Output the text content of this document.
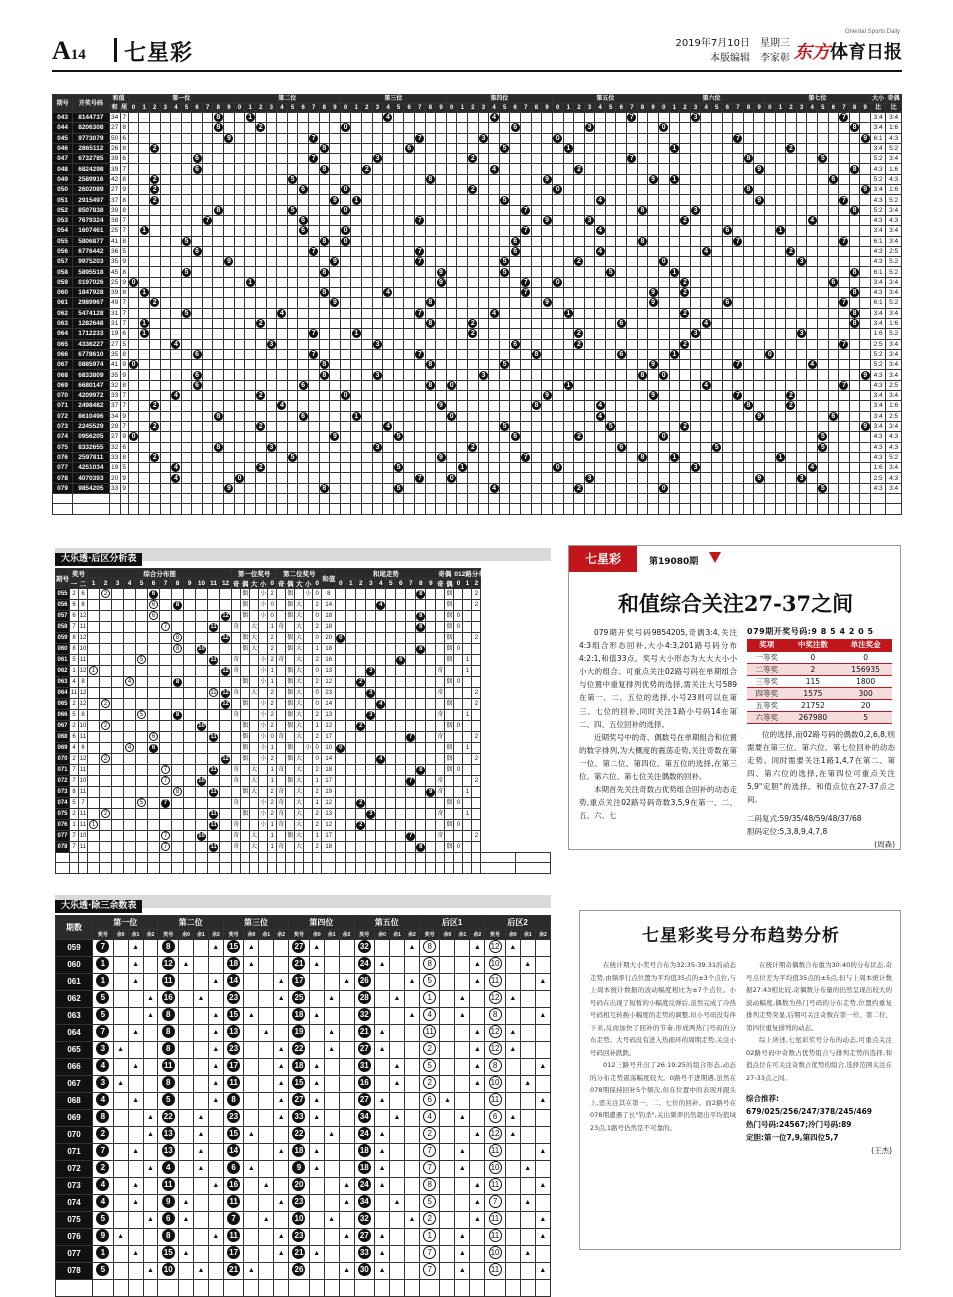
A14 七星彩	2019年7月10日　星期三
本版编辑　李家彰
Oriental Sports Daily
东方体育日报
期号	开奖号码	和值	第一位	第二位	第三位	第四位	第五位	第六位	第七位	大小	奇偶
和	尾	0	1	2	3	4	5	6	7	8	9	0	1	2	3	4	5	6	7	8	9	0	1	2	3	4	5	6	7	8	9	0	1	2	3	4	5	6	7	8	9	0	1	2	3	4	5	6	7	8	9	0	1	2	3	4	5	6	7	8	9	0	1	2	3	4	5	6	7	8	9	比	比
043	8144737	34	7									8			1													4										4													7						3														7			3:4	3:4
044	8206308	27	8									8				2								0																6							3							0																		8		3:4	1:6
045	9773079	50	6										9								7										7						3							0																	7												9	6:1	4:3
046	2865112	26	8			2																8								6									5						1										1											2								3:4	5:2
047	6732785	39	6							6											7						3									2															7											8							5					5:2	3:4
048	6824298	39	7							6												8				2												4								2																	9									8		4:3	1:6
049	2589916	42	8			2													5													8											9										9		1															6				5:2	4:3
050	2602089	27	9			2														6				0												2								0																		8											9	3:4	1:6
051	2915497	37	8			2																	9		1														5									4															9								7			4:3	5:2
052	8507838	39	8									8							5					0																	7											8					3															8		5:2	3:4
053	7679324	38	7								7									6											7												9				3									2												4						4:3	4:3
054	1607461	25	7		1															6				0																	7							4												6					1									3:4	3:4
055	5806877	41	8						5													8		0																6												8									7										7			6:1	3:4
056	6776442	36	5							6											7										7									6								4										4								2								4:3	2:5
057	9975203	35	9										9										9								7								5							2								0													3							4:3	5:2
058	5895518	45	8						5													8											9						5										5						1																	8		6:1	5:2
059	0197026	25	9	0											1																		9								7			0												2														6				3:4	3:4
060	1847928	39	8		1																	8						4													7												9			2																8		4:3	3:4
061	2989967	49	7			2																	9									8											9										9							6											7			6:1	5:2
062	5474128	31	7						5									4													7							4							1											2																8		3:4	3:4
063	1282648	31	7		1											2																8				2														6								4														8		3:4	1:6
064	1712233	19	6		1																7				1											2										2											3										3							1:6	5:2
065	4336227	27	5					4									3										3													6						2										2															7			2:5	3:4
066	6778610	35	8							6											7										7											8								6					1									0										5:2	3:4
067	0885974	41	9	0																		8										8							5														9								7							4						5:2	3:4
068	6833809	35	9							6												8					3										3															8		0																			9	4:3	3:4
069	6680147	32	8							6										6												8		0											1													4													7			4:3	2:5
070	4209972	33	7					4								2								0																			9										9								7					2								3:4	3:4
071	2498482	37	7			2												4															9									8						4														8				2								3:4	1:6
072	8610496	34	9									8								6					1									0														4															9							6				3:4	2:5
073	2245529	29	7			2										2												4											5										5							2																	9	3:4	3:4
074	0956205	27	9	0																			9						5											6						2								0															5					4:3	4:3
075	8332655	32	6									8					3										3									2														6									5										5					4:3	4:3
076	2597811	33	8			2													5														9								7											8			1										1									4:3	5:2
077	4251034	19	5					4								2													5						1									0													3											4						1:6	3:4
078	4070393	20	9					4						0																	7			0													3																9				3							2:5	4:3
079	9854205	33	9										9									8							5									4								2								0															5					4:3	3:4

大乐透·后区分析表
期号	奖号		综合分布图												第一位奖号					第二位奖号					和值	和尾走势										奇偶		012路分布				
	一	二	1	2	3	4	5	6	7	8	9	10	11	12	奇	偶	大	小	0	奇	偶	大	小	0		0	1	2	3	4	5	6	7	8	9	奇	偶	0	1	2		
055	2	6		2				6								偶		小	2		偶		小	0	8									8			偶			2		
056	6	8						6		8						偶		小	0		偶	大		2	14					4							偶			2		
057	6	12						6						12		偶		小	0		偶	大		0	18									8			偶	0				
058	7	11							7				11		奇		大		1	奇		大		2	18									8			偶	0				
059	8	12								8				12		偶	大		2		偶	大		0	20	0											偶			2		
060	8	10								8		10				偶	大		2		偶	大		1	18									8			偶	0				
061	5	11					5						11		奇			小	2	奇		大		2	16							6					偶		1			
062	1	12	1											12	奇			小	1		偶	大		0	13				3							奇			1			
063	4	8				4				8						偶		小	1		偶	大		2	12			2									偶	0				
064	11	12											11	12	奇		大		2		偶	大		0	23				3							奇				2		
065	2	12		2										12		偶		小	2		偶	大		0	14					4							偶			2		
066	5	8					5			8					奇			小	2		偶	大		2	13				3							奇			1			
067	2	10		2								10				偶		小	2		偶	大		1	12			2									偶	0				
068	6	11						6					11			偶		小	0	奇		大		2	17								7			奇				2		
069	4	6				4		6								偶		小	1		偶		小	0	10	0											偶		1			
070	2	12		2										12		偶		小	2		偶	大		0	14					4							偶			2		
071	7	11							7				11		奇		大		1	奇		大		2	18									8			偶	0				
072	7	10							7			10			奇		大		1		偶	大		1	17								7			奇				2		
073	8	11								8			11			偶	大		2	奇		大		2	19										9	奇			1			
074	5	7					5		7						奇			小	2	奇		大		1	12			2									偶	0				
075	2	11		2									11			偶		小	2	奇		大		2	13				3							奇			1			
076	1	11	1										11		奇			小	1	奇		大		2	12			2									偶	0				
077	7	10							7			10			奇		大		1		偶	大		1	17								7			奇				2		
078	7	11							7				11		奇		大		1	奇		大		2	18									8			偶	0				

大乐透·除三余数表
期数	第一位				第二位				第三位				第四位				第五位				后区1				后区2			
	奖号	余0	余1	余2	奖号	余0	余1	余2	奖号	余0	余1	余2	奖号	余0	余1	余2	奖号	余0	余1	余2	奖号	余0	余1	余2	奖号	余0	余1	余2
059	7		▲		8			▲	15	▲			27	▲			32			▲	8			▲	12	▲		
060	1		▲		12	▲			18	▲			21	▲			24	▲			8			▲	10		▲	
061	1		▲		11			▲	14			▲	17			▲	26			▲	5			▲	11			▲
062	5			▲	16		▲		23			▲	25		▲		28		▲		1		▲		12	▲		
063	5			▲	8			▲	15	▲			18	▲			32			▲	4		▲		8			▲
064	7		▲		8			▲	13		▲		19		▲		21	▲			11			▲	12	▲		
065	3	▲			8			▲	23			▲	22		▲		27	▲			2			▲	12	▲		
066	4		▲		11			▲	17			▲	18	▲			31		▲		5			▲	8			▲
067	3	▲			8			▲	11			▲	15	▲			16		▲		2			▲	10		▲	
068	4		▲		5			▲	8			▲	27	▲			27	▲			6	▲			11			▲
069	8			▲	22		▲		23			▲	33	▲			34		▲		4		▲		6	▲		
070	2			▲	13		▲		15	▲			22		▲		24	▲			2			▲	12	▲		
071	7		▲		13		▲		14			▲	18	▲			18	▲			7		▲		11			▲
072	2			▲	4		▲		6	▲			9	▲			18	▲			7		▲		10		▲	
073	4		▲		11			▲	16		▲		20			▲	24	▲			8			▲	11			▲
074	4		▲		9	▲			11			▲	23			▲	34		▲		5			▲	7		▲	
075	5			▲	6	▲			7		▲		10		▲		32			▲	2			▲	11			▲
076	9	▲			8			▲	11			▲	23			▲	27	▲			1		▲		11			▲
077	1		▲		15	▲			17			▲	21	▲			33	▲			7		▲		10		▲	
078	5			▲	10		▲		21	▲			26			▲	30	▲			7		▲		11			▲

七星彩	第19080期
和值综合关注27-37之间

079期开奖号码9854205,奇偶3:4,关注4:3组合形态回补,大小4:3,201路号码分布4:2:1,和值33点。奖号大小形态为大大大小小小大的组合。可重点关注02路号码在单期组合与位置中重复排列优势的选择,需关注大号589在第一、二、五位的选择,小号23则可以在第三、七位的回补,同时关注1路小号码14在第二、四、五位回补的选择。

近期奖号中的奇、偶数号在单期组合和位置的数字排列,为大概度的震荡走势,关注奇数在第一位、第二位、第四位、第五位的选择,在第三位、第六位、第七位关注偶数的回补。

本期首先关注奇数占优势组合回补的动态走势,重点关注02路号码奇数3,5,9在第一、二、五、六、七

079期开奖号码:9 8 5 4 2 0 5
奖项	中奖注数	单注奖金
一等奖	0	0
二等奖	2	156935
三等奖	115	1800
四等奖	1575	300
五等奖	21752	20
六等奖	267980	5

位的选择,而02路号码的偶数0,2,6,8,则需要在第三位、第六位、第七位回补的动态走势。同时需要关注1路1,4,7在第二、第四、第六位的选择,在第四位可重点关注5,9"定胆"的选择。和值点位在27-37点之间。

二码复式:59/35/48/59/48/37/68
胆码定位:5,3,8,9,4,7,8
(周森)
七星彩奖号分布趋势分析

在统计期大小奖号合布为32:35-39:31的动态走势,由频率行点位置为平均值35点的±3个点位,与上周本统计数据的波动幅度相比为±7个点位。小号码在出现了短暂的小幅度反弹后,虽然完成了冷热号码相互转换小幅度的走势的调整,但小号码没有伴下来,反而加快了回补的节奏,形成两热门号码的分布走势。大号码没有进入热循环的周期走势,关注小号码回补跌跌。

012三路号开出了26:19:25的组合形态,动态的分布走势震荡幅度较大。0路号不进期遇,虽然在078期保持回补5个频次,但在位置中的表现并跟头上,需关注其在第一、二、七位的回补。而2路号在078期遭遇了长"钓杀",关出频率仍然超出平均值域23点,1路号仍然是不可靠的。

在统计期奇偶数合布重为30:40的分布状态,奇号点位差为平均值35点的±5点,但与上周本统计数据27:43相比较,奇偶数分布量的仍然呈现出较大的波动幅度,偶数为热门号码的分布走势,位置约重复排列走势突显,后期可关注奇数在第一位、第二位、第四位重复排列的动态。

综上所述,七星彩奖号分布的动态,可重点关注02路号码中奇数占优势组合与排列走势的选择,和值点位在可关注奇数占优势的组合,选择范围关注在27-33点之间。

综合推荐:
679/025/256/247/378/245/469
热门号码:24567;冷门号码:89
定胆:第一位7,9,第四位5,7
(王杰)
